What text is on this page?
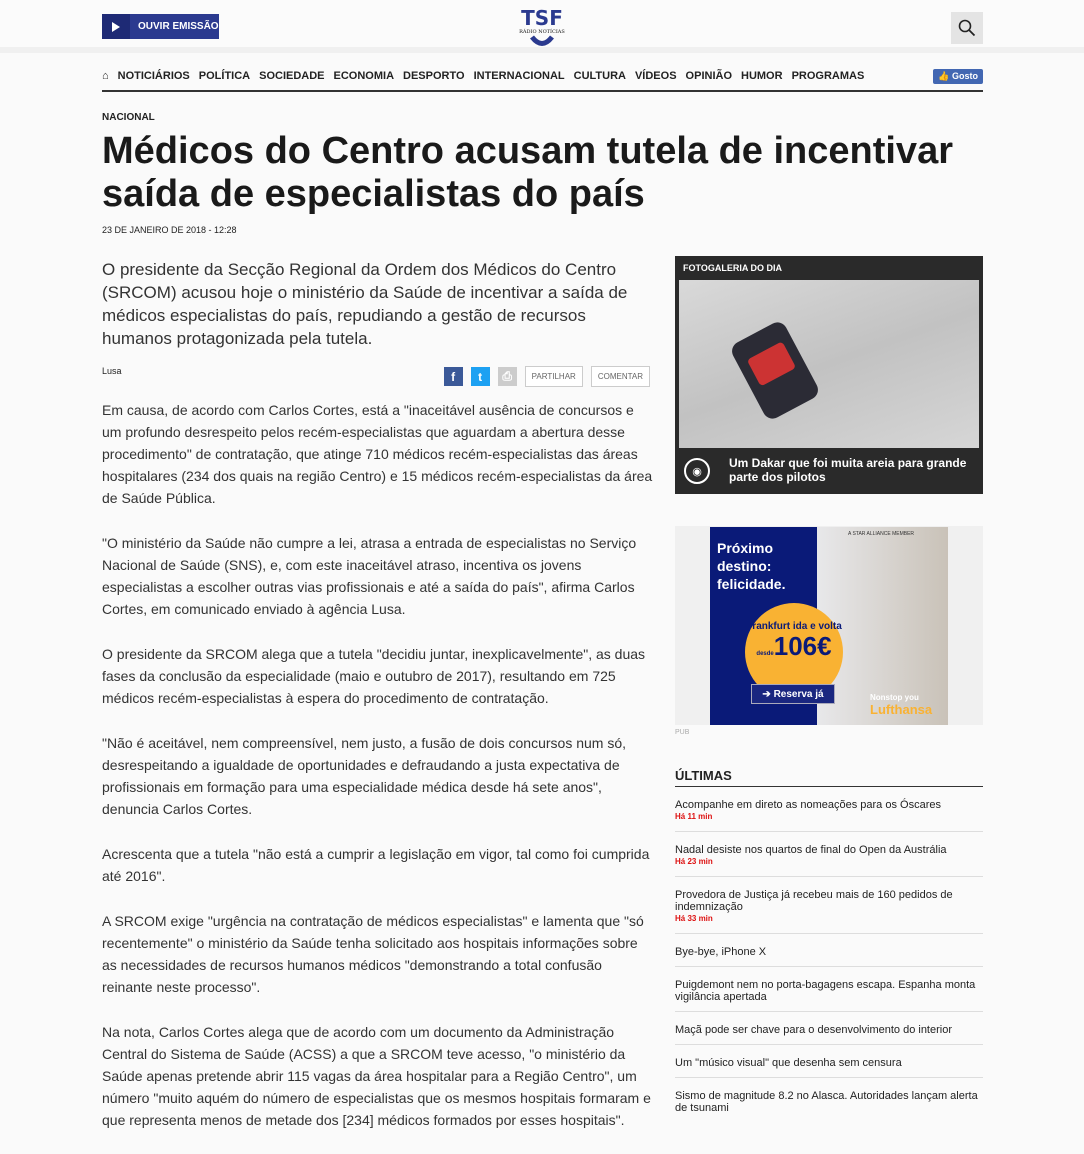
OUVIR EMISSÃO	TSF
RÁDIO NOTÍCIAS
⌂ NOTICIÁRIOS POLÍTICA SOCIEDADE ECONOMIA DESPORTO INTERNACIONAL CULTURA VÍDEOS OPINIÃO HUMOR PROGRAMAS	👍 Gosto
NACIONAL
Médicos do Centro acusam tutela de incentivar saída de especialistas do país
23 DE JANEIRO DE 2018 - 12:28
O presidente da Secção Regional da Ordem dos Médicos do Centro (SRCOM) acusou hoje o ministério da Saúde de incentivar a saída de médicos especialistas do país, repudiando a gestão de recursos humanos protagonizada pela tutela.
Lusa	f	t	⎙	PARTILHAR	COMENTAR

Em causa, de acordo com Carlos Cortes, está a "inaceitável ausência de concursos e um profundo desrespeito pelos recém-especialistas que aguardam a abertura desse procedimento" de contratação, que atinge 710 médicos recém-especialistas das áreas hospitalares (234 dos quais na região Centro) e 15 médicos recém-especialistas da área de Saúde Pública.

"O ministério da Saúde não cumpre a lei, atrasa a entrada de especialistas no Serviço Nacional de Saúde (SNS), e, com este inaceitável atraso, incentiva os jovens especialistas a escolher outras vias profissionais e até a saída do país", afirma Carlos Cortes, em comunicado enviado à agência Lusa.

O presidente da SRCOM alega que a tutela "decidiu juntar, inexplicavelmente", as duas fases da conclusão da especialidade (maio e outubro de 2017), resultando em 725 médicos recém-especialistas à espera do procedimento de contratação.

"Não é aceitável, nem compreensível, nem justo, a fusão de dois concursos num só, desrespeitando a igualdade de oportunidades e defraudando a justa expectativa de profissionais em formação para uma especialidade médica desde há sete anos", denuncia Carlos Cortes.

Acrescenta que a tutela "não está a cumprir a legislação em vigor, tal como foi cumprida até 2016".

A SRCOM exige "urgência na contratação de médicos especialistas" e lamenta que "só recentemente" o ministério da Saúde tenha solicitado aos hospitais informações sobre as necessidades de recursos humanos médicos "demonstrando a total confusão reinante neste processo".

Na nota, Carlos Cortes alega que de acordo com um documento da Administração Central do Sistema de Saúde (ACSS) a que a SRCOM teve acesso, "o ministério da Saúde apenas pretende abrir 115 vagas da área hospitalar para a Região Centro", um número "muito aquém do número de especialistas que os mesmos hospitais formaram e que representa menos de metade dos [234] médicos formados por esses hospitais".

FOTOGALERIA DO DIA
◉
Um Dakar que foi muita areia para grande parte dos pilotos
Próximo destino: felicidade.
A STAR ALLIANCE MEMBER
Frankfurt ida e volta
desde106€
➔ Reserva já	Nonstop you
Lufthansa
PUB
ÚLTIMAS
Acompanhe em direto as nomeações para os Óscares
Há 11 min
Nadal desiste nos quartos de final do Open da Austrália
Há 23 min
Provedora de Justiça já recebeu mais de 160 pedidos de indemnização
Há 33 min
Bye-bye, iPhone X
Puigdemont nem no porta-bagagens escapa. Espanha monta vigilância apertada
Maçã pode ser chave para o desenvolvimento do interior
Um "músico visual" que desenha sem censura
Sismo de magnitude 8.2 no Alasca. Autoridades lançam alerta de tsunami
